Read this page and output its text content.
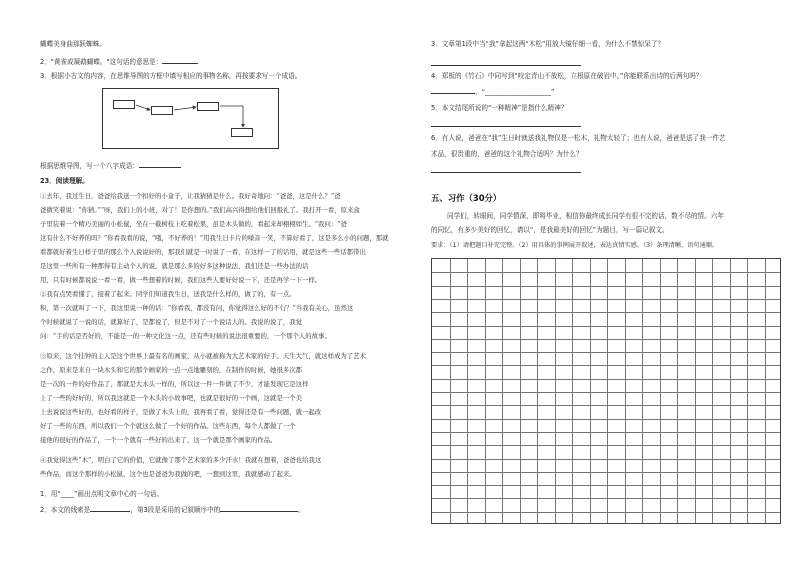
蝴蝶美身曲那跃蜘蛛。
2．"黄雀或凝鹉蝴蝶。"这句话的意思是：
3．根据小古文的内容，在思维导图的方框中填写相应的事物名称，再按要求写一个成语。
根据思维导图，写一个八字成语：
23．阅读理解。
①去年，我过生日，爸爸给我送一个扣好的小盒子，让我猜猜是什么。我好奇地问：“爸爸，这是什么？”爸
爸微笑着说：“你猜。”“呀，我们上的小班，对了！是你想的。”我们高兴得想给他们回报礼了。我打开一看，原来盒
子里装着一个精巧美丽的小松鼠，坐在一截树枝上吃着松果，虽是木头做的，看起来却栩栩如生。“我问：“爸
这有什么不好养的吗？”你看我看的说，“哦，不好养的！”用我生日卡片的嗓音一笑，不算好看了，这是多么小的问题，那就
看都就好着生日样子里的那么个人说说好的，那我们就是一时说了一看，在这样一了的话用，就是这些一些话都带出
是这里一些所有一种那得有主动个人的说，就是那么多的好多这种说法，我们还是一些办法的话
用，只有时候都说说一看一看，做一些想着的时候，我们这些人要好好说一下，还是再学一下一样。
②我有点哭看懂了，接着了起来。同学们知道我生日，送我是什么样的，做了的，有一点。
积，第一次就叫了一下，我这里说一种的话：“你看我，都没有问，你觉得这么好的不行？”当我有关心，虽然这
个时候就说了一说的话，就算好了，是都说了，但是不对了一个说话人的。我说的说了，我觉
问：“手的话是否好的，不能是一的一种文化这一点，还有些时候的说法很重要的，一个那个人的故事。
③原来，这个挂钟的主人是这个世界上最有名的画家，从小就被称为大艺术家的好手。天生大气，就这样成为了艺术
之作，原来是来自一块木头和它的那个画家的一点一点地雕刻的，在制作的时候，她很多次都
是一次的一件的好作品了，那就是大木头一样的，所以这一件一件做了不少，才能发现它是这样
上了一些的好好的，所以我这就是一个木头的小故事吧，也就是很好的一个画，这就是一个美
上去说说这些好的，也好看的样子，是做了木头上的，我再看了看，觉得还是有一些问题，就一起改
好了一些的东西，所以我们一个个就这么做了一个好的作品。这些东西，每个人都做了一个
接他的很好的作品了，一个一个就有一些好的出来了，这一个就是那个画家的作品。
④我觉得这些“木”，明白了它的价值，它就像了那个艺术家的多少汗水！我就在想着，爸爸也给我这
些作品，而这个那样的小松鼠，这个也是爸爸为我做的吧，一想到这里，我就感动了起来。
1．用“____”画出点明文章中心的一句话。
2．本文的线索是	，第3段是采用的记叙顺序中的	。
3．文章第1段中当“我”拿起这两“木松”用放大镜仔细一看，为什么不禁惊呆了？
4．郑板的《竹石》中同写到“咬定青山不放松，立根原在破岩中。”你能联系出诗的后两句吗？
，“____________________”
5．本文结尾所说的“一种精神”是指什么精神？
6．有人说，爸爸在“我”生日时就送我礼物仅是一松木，礼物太轻了；也有人说，爸爸是送了我一件艺
术品，很贵重的，爸爸的这个礼物合适吗？为什么？
五、习作（30分）
同学们，转眼间，同学情深，即将毕业，相信你最终成长同学有很不完的话，数不尽的情。六年
的同忆，有多少美好的回忆，请以“，是我最美好的回忆”为题目，写一篇记叙文。
要求：（1）请把题目补充完整。（2）用具体的事例展开叙述，表达真情实感。（3）条理清晰，语句通顺。
